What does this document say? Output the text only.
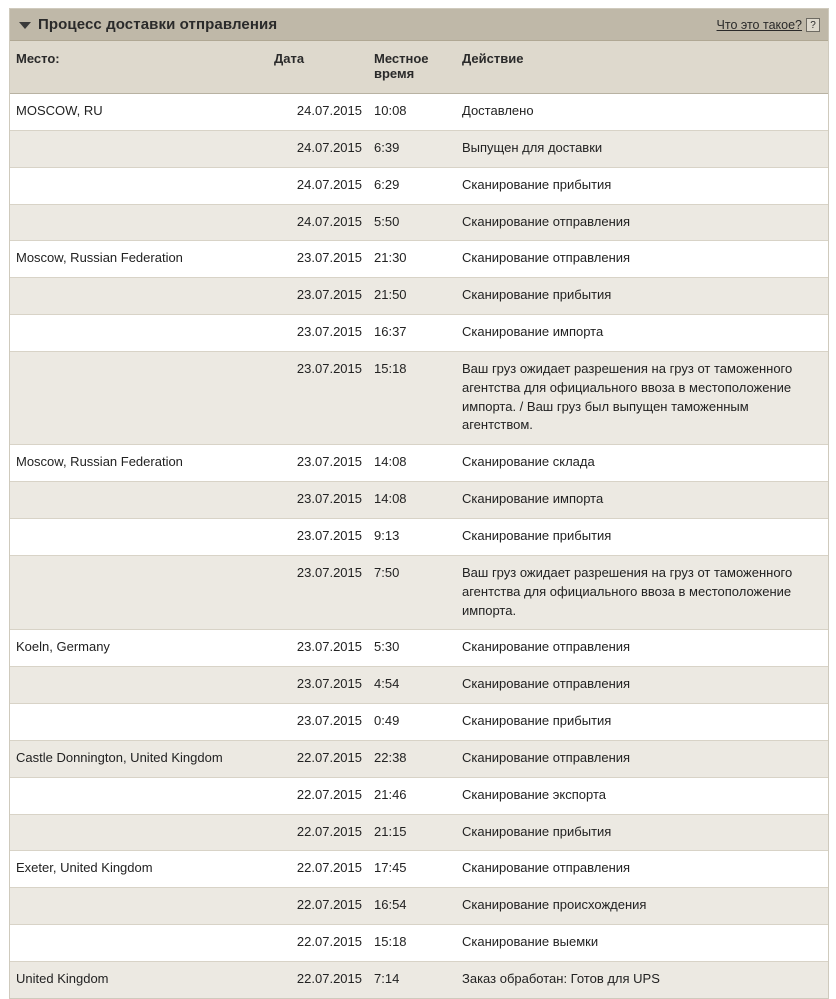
Процесс доставки отправления	Что это такое? ?
Место:	Дата	Местное время	Действие
MOSCOW, RU	24.07.2015	10:08	Доставлено
	24.07.2015	6:39	Выпущен для доставки
	24.07.2015	6:29	Сканирование прибытия
	24.07.2015	5:50	Сканирование отправления
Moscow, Russian Federation	23.07.2015	21:30	Сканирование отправления
	23.07.2015	21:50	Сканирование прибытия
	23.07.2015	16:37	Сканирование импорта
	23.07.2015	15:18	Ваш груз ожидает разрешения на груз от таможенного агентства для официального ввоза в местоположение импорта. / Ваш груз был выпущен таможенным агентством.
Moscow, Russian Federation	23.07.2015	14:08	Сканирование склада
	23.07.2015	14:08	Сканирование импорта
	23.07.2015	9:13	Сканирование прибытия
	23.07.2015	7:50	Ваш груз ожидает разрешения на груз от таможенного агентства для официального ввоза в местоположение импорта.
Koeln, Germany	23.07.2015	5:30	Сканирование отправления
	23.07.2015	4:54	Сканирование отправления
	23.07.2015	0:49	Сканирование прибытия
Castle Donnington, United Kingdom	22.07.2015	22:38	Сканирование отправления
	22.07.2015	21:46	Сканирование экспорта
	22.07.2015	21:15	Сканирование прибытия
Exeter, United Kingdom	22.07.2015	17:45	Сканирование отправления
	22.07.2015	16:54	Сканирование происхождения
	22.07.2015	15:18	Сканирование выемки
United Kingdom	22.07.2015	7:14	Заказ обработан: Готов для UPS
